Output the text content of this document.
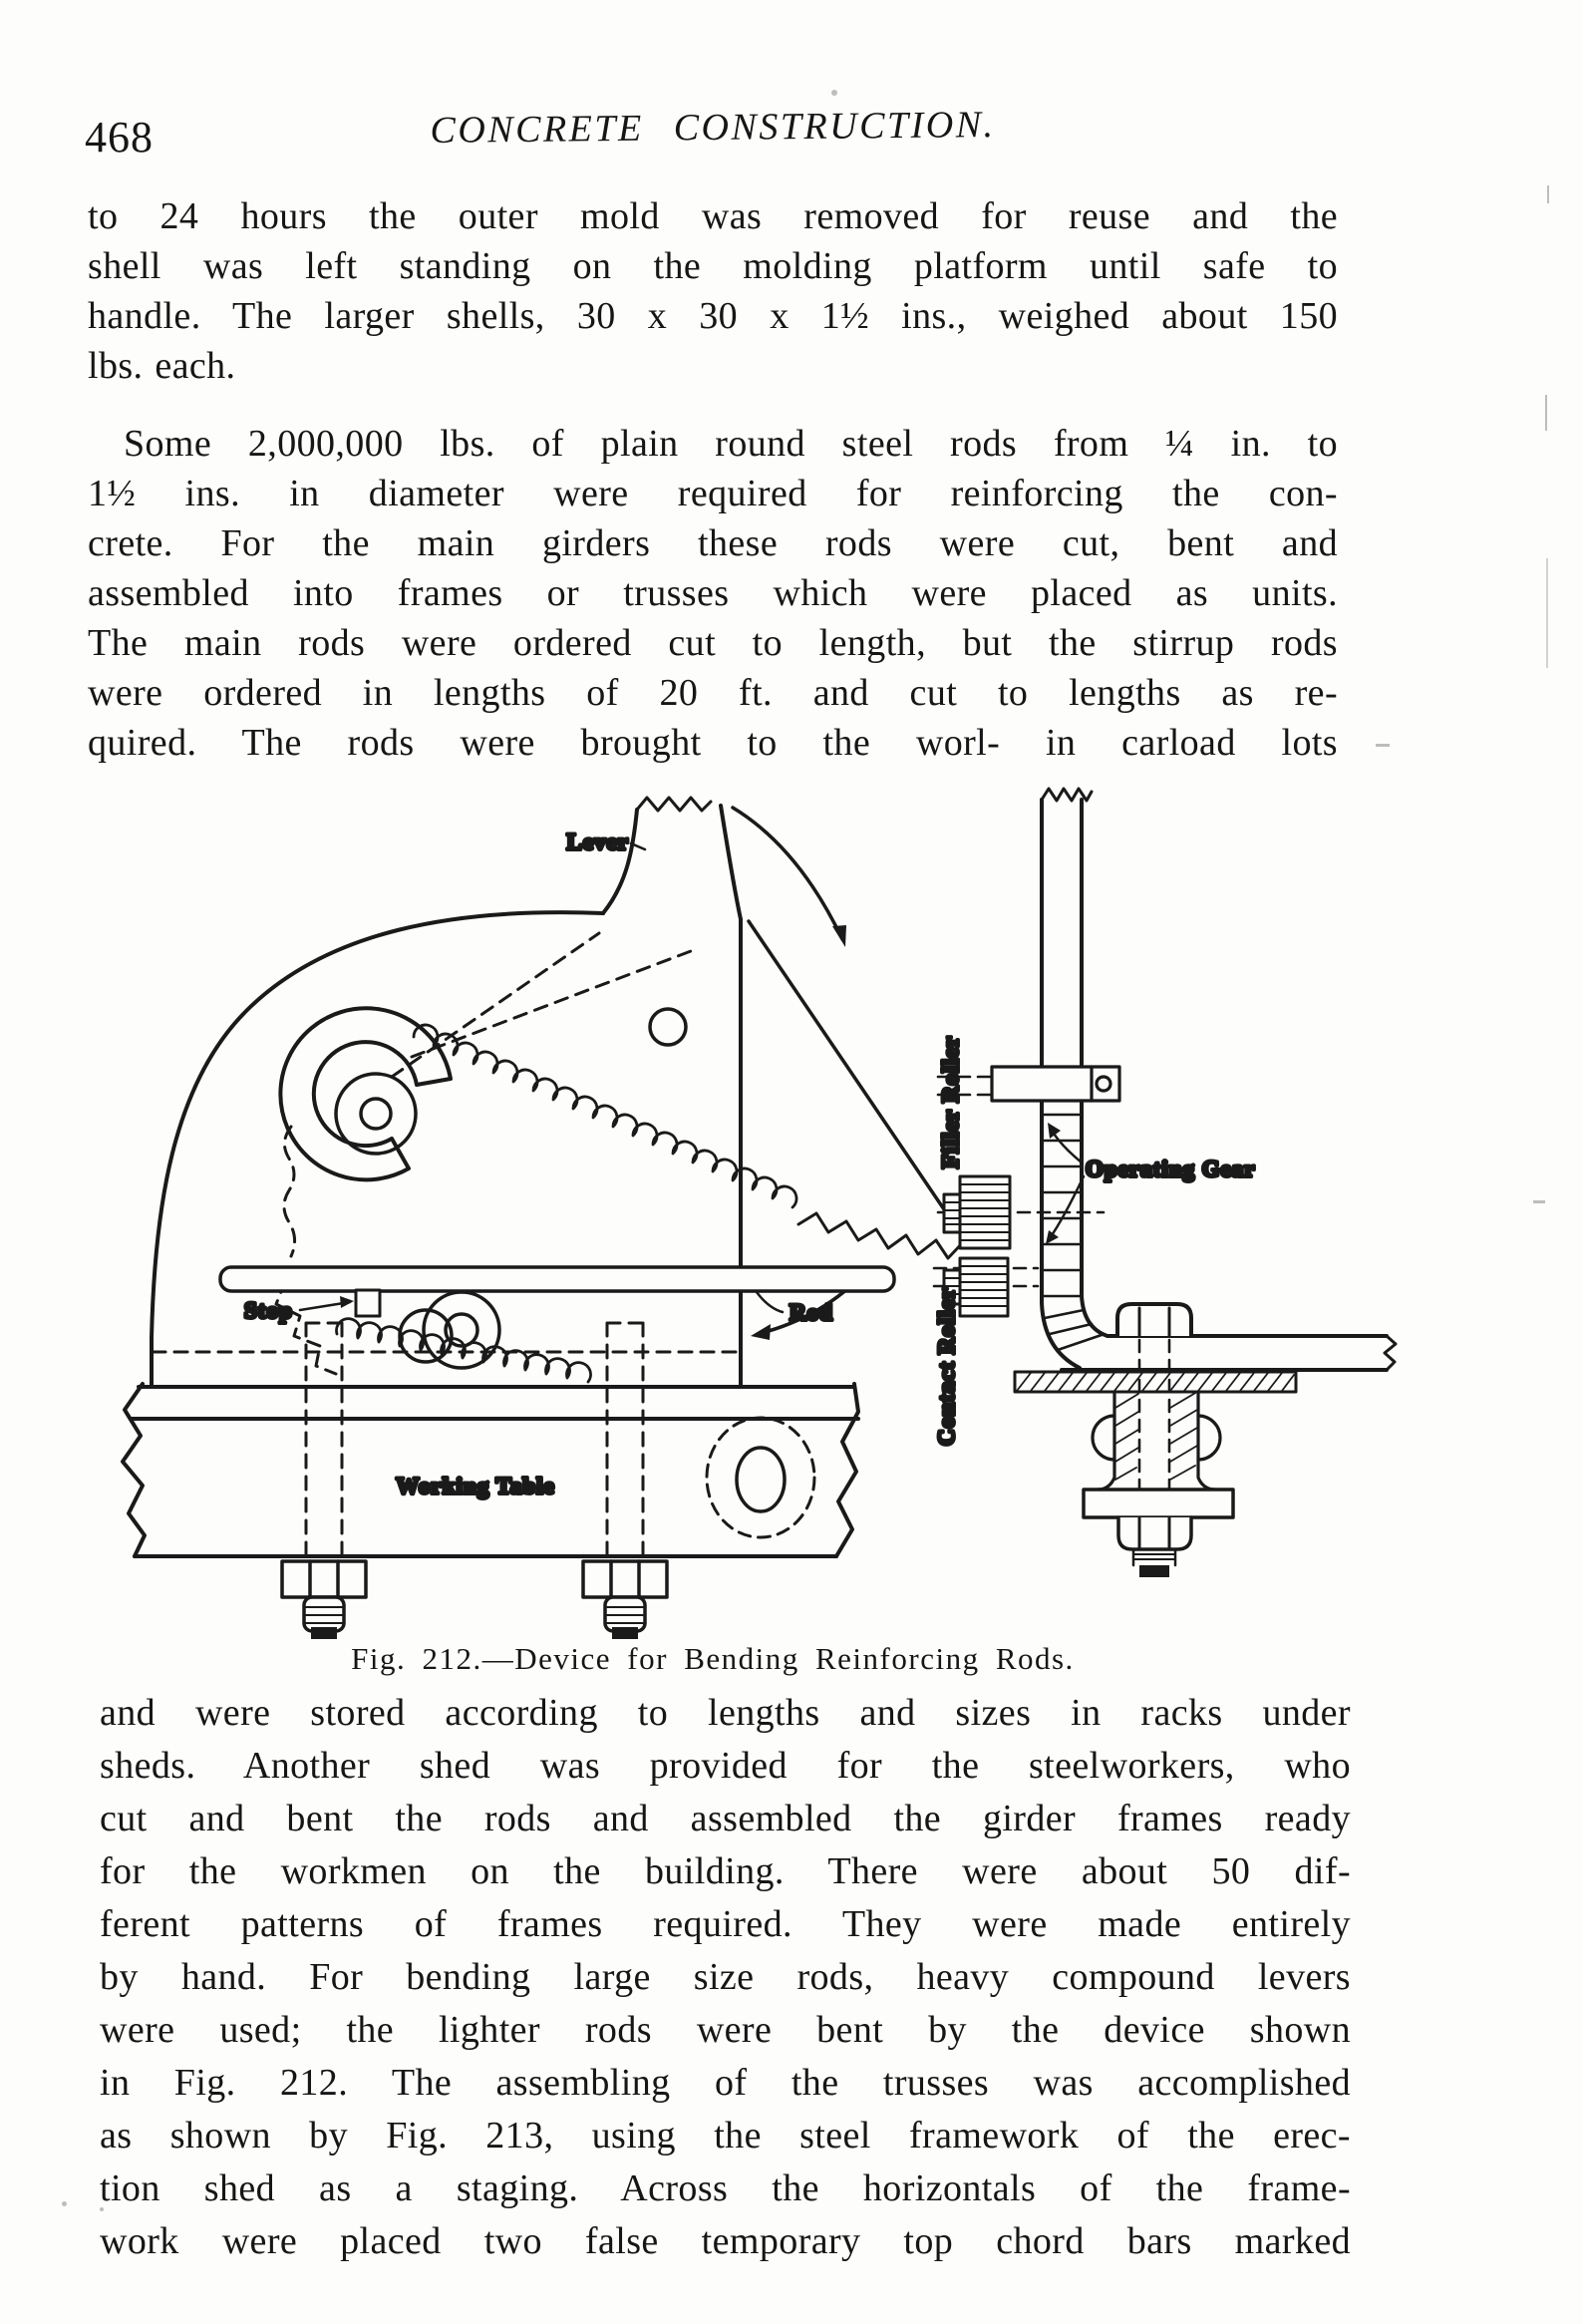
468	CONCRETE CONSTRUCTION.
to 24 hours the outer mold was removed for reuse and the
shell was left standing on the molding platform until safe to
handle. The larger shells, 30 x 30 x 1½ ins., weighed about 150
lbs. each.
Some 2,000,000 lbs. of plain round steel rods from ¼ in. to
1½ ins. in diameter were required for reinforcing the con-
crete. For the main girders these rods were cut, bent and
assembled into frames or trusses which were placed as units.
The main rods were ordered cut to length, but the stirrup rods
were ordered in lengths of 20 ft. and cut to lengths as re-
quired. The rods were brought to the worl- in carload lots
Lever
Stop	Rod
Working Table
Filler Roller
Operating Gear
Contact Roller
Fig. 212.—Device for Bending Reinforcing Rods.
and were stored according to lengths and sizes in racks under
sheds. Another shed was provided for the steelworkers, who
cut and bent the rods and assembled the girder frames ready
for the workmen on the building. There were about 50 dif-
ferent patterns of frames required. They were made entirely
by hand. For bending large size rods, heavy compound levers
were used; the lighter rods were bent by the device shown
in Fig. 212. The assembling of the trusses was accomplished
as shown by Fig. 213, using the steel framework of the erec-
tion shed as a staging. Across the horizontals of the frame-
work were placed two false temporary top chord bars marked
